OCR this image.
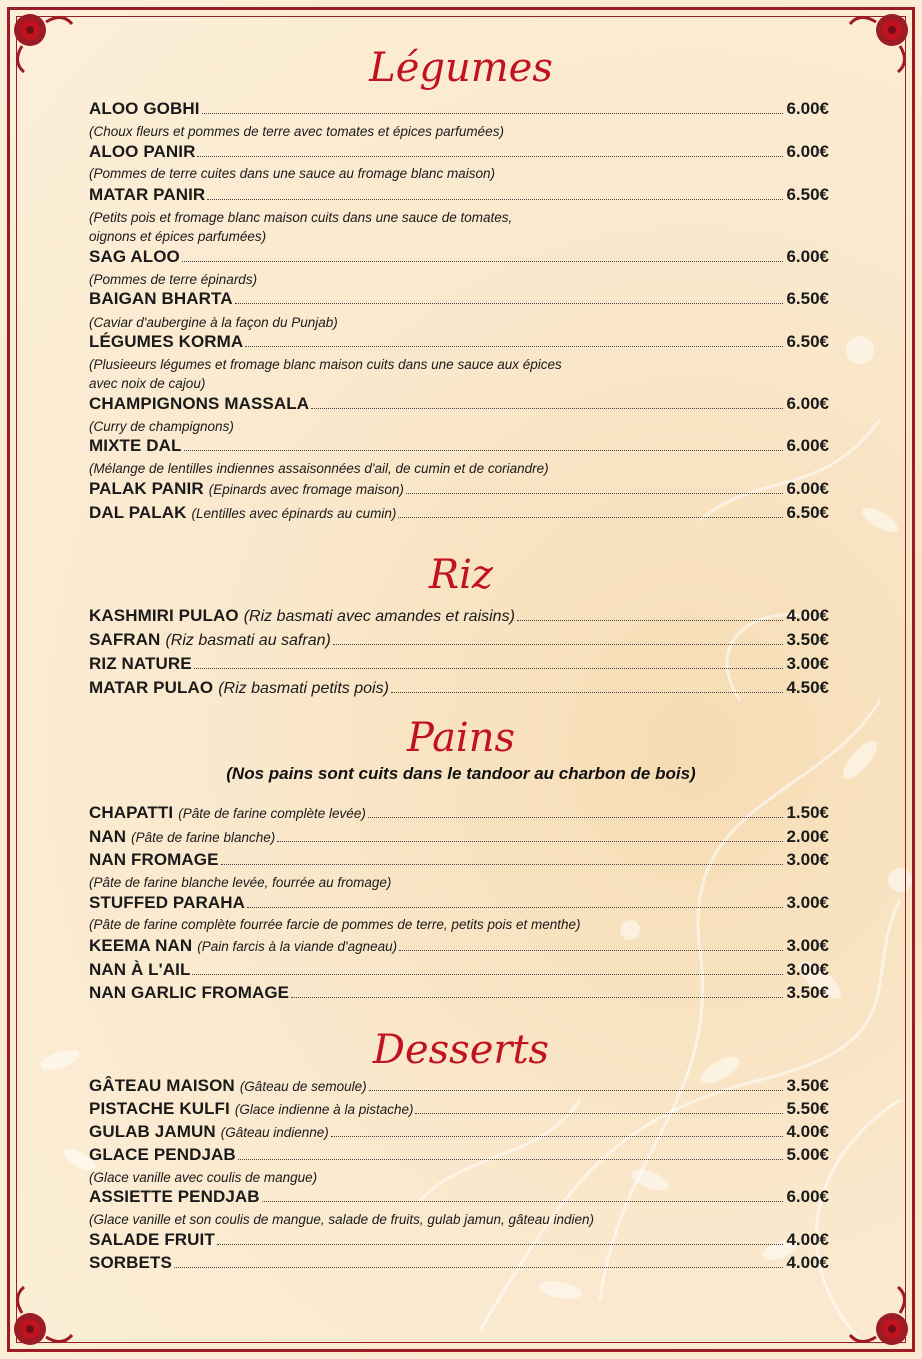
Légumes
ALOO GOBHI	6.00€
(Choux fleurs et pommes de terre avec tomates et épices parfumées)
ALOO PANIR	6.00€
(Pommes de terre cuites dans une sauce au fromage blanc maison)
MATAR PANIR	6.50€
(Petits pois et fromage blanc maison cuits dans une sauce de tomates,
oignons et épices parfumées)
SAG ALOO	6.00€
(Pommes de terre épinards)
BAIGAN BHARTA	6.50€
(Caviar d'aubergine à la façon du Punjab)
LÉGUMES KORMA	6.50€
(Plusieeurs légumes et fromage blanc maison cuits dans une sauce aux épices
avec noix de cajou)
CHAMPIGNONS MASSALA	6.00€
(Curry de champignons)
MIXTE DAL	6.00€
(Mélange de lentilles indiennes assaisonnées d'ail, de cumin et de coriandre)
PALAK PANIR (Epinards avec fromage maison)	6.00€
DAL PALAK (Lentilles avec épinards au cumin)	6.50€
Riz
KASHMIRI PULAO (Riz basmati avec amandes et raisins)	4.00€
SAFRAN (Riz basmati au safran)	3.50€
RIZ NATURE	3.00€
MATAR PULAO (Riz basmati petits pois)	4.50€
Pains
(Nos pains sont cuits dans le tandoor au charbon de bois)
CHAPATTI (Pâte de farine complète levée)	1.50€
NAN (Pâte de farine blanche)	2.00€
NAN FROMAGE	3.00€
(Pâte de farine blanche levée, fourrée au fromage)
STUFFED PARAHA	3.00€
(Pâte de farine complète fourrée farcie de pommes de terre, petits pois et menthe)
KEEMA NAN (Pain farcis à la viande d'agneau)	3.00€
NAN À L'AIL	3.00€
NAN GARLIC FROMAGE	3.50€
Desserts
GÂTEAU MAISON (Gâteau de semoule)	3.50€
PISTACHE KULFI (Glace indienne à la pistache)	5.50€
GULAB JAMUN (Gâteau indienne)	4.00€
GLACE PENDJAB	5.00€
(Glace vanille avec coulis de mangue)
ASSIETTE PENDJAB	6.00€
(Glace vanille et son coulis de mangue, salade de fruits, gulab jamun, gâteau indien)
SALADE FRUIT	4.00€
SORBETS	4.00€
